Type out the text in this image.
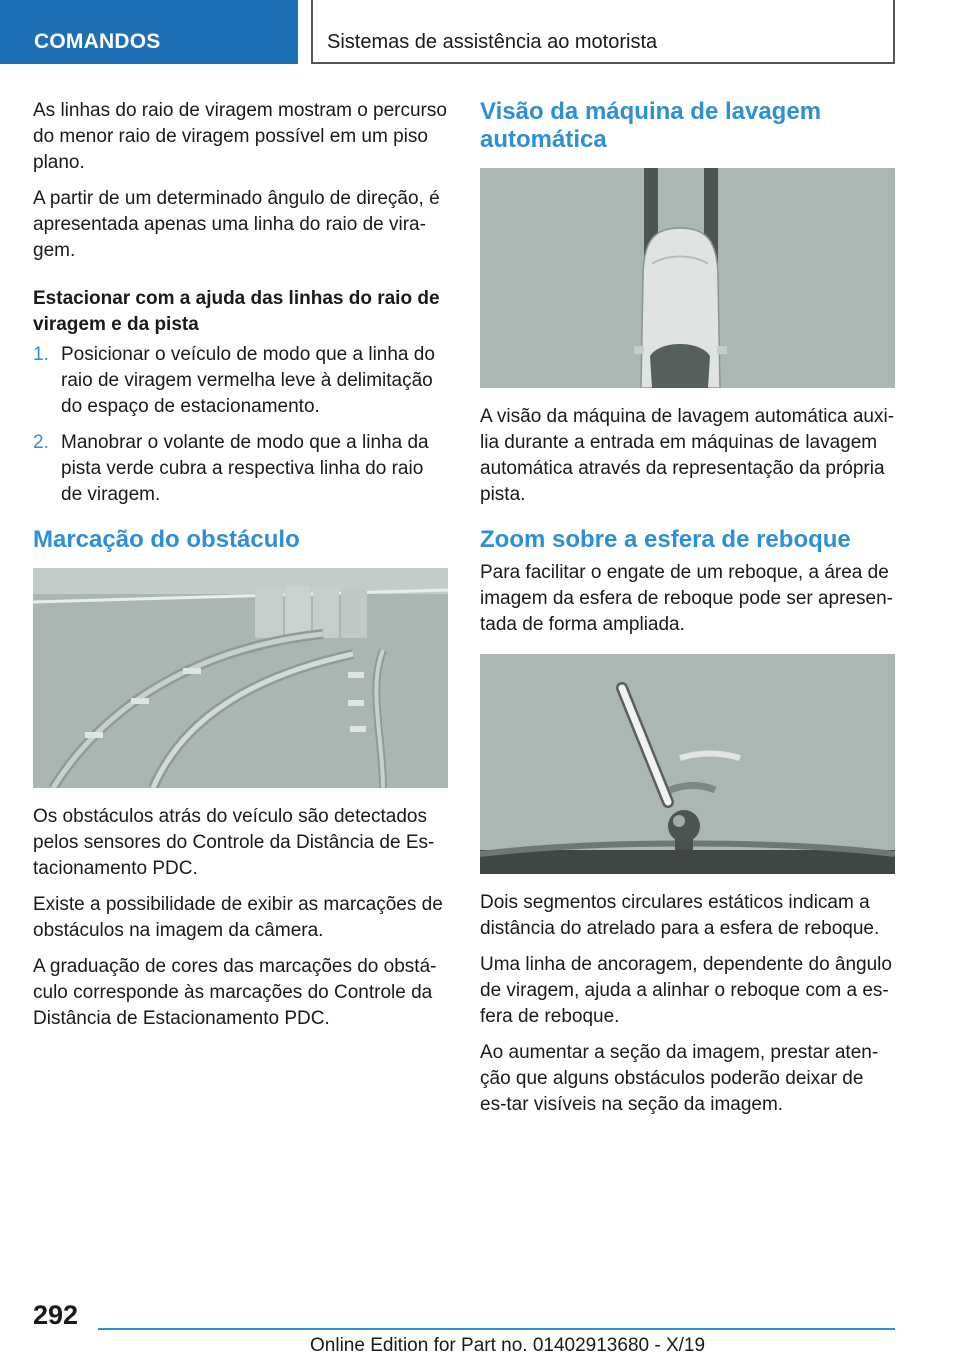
COMANDOS	Sistemas de assistência ao motorista

As linhas do raio de viragem mostram o percurso do menor raio de viragem possível em um piso plano.

A partir de um determinado ângulo de direção, é apresentada apenas uma linha do raio de vira-gem.

Estacionar com a ajuda das linhas do raio de viragem e da pista
1. Posicionar o veículo de modo que a linha do raio de viragem vermelha leve à delimitação do espaço de estacionamento.
2. Manobrar o volante de modo que a linha da pista verde cubra a respectiva linha do raio de viragem.
Marcação do obstáculo

Os obstáculos atrás do veículo são detectados pelos sensores do Controle da Distância de Es-tacionamento PDC.

Existe a possibilidade de exibir as marcações de obstáculos na imagem da câmera.

A graduação de cores das marcações do obstá-culo corresponde às marcações do Controle da Distância de Estacionamento PDC.

Visão da máquina de lavagem automática

A visão da máquina de lavagem automática auxi-lia durante a entrada em máquinas de lavagem automática através da representação da própria pista.

Zoom sobre a esfera de reboque

Para facilitar o engate de um reboque, a área de imagem da esfera de reboque pode ser apresen-tada de forma ampliada.

Dois segmentos circulares estáticos indicam a distância do atrelado para a esfera de reboque.

Uma linha de ancoragem, dependente do ângulo de viragem, ajuda a alinhar o reboque com a es-fera de reboque.

Ao aumentar a seção da imagem, prestar aten-ção que alguns obstáculos poderão deixar de es-tar visíveis na seção da imagem.

292
Online Edition for Part no. 01402913680 - X/19
